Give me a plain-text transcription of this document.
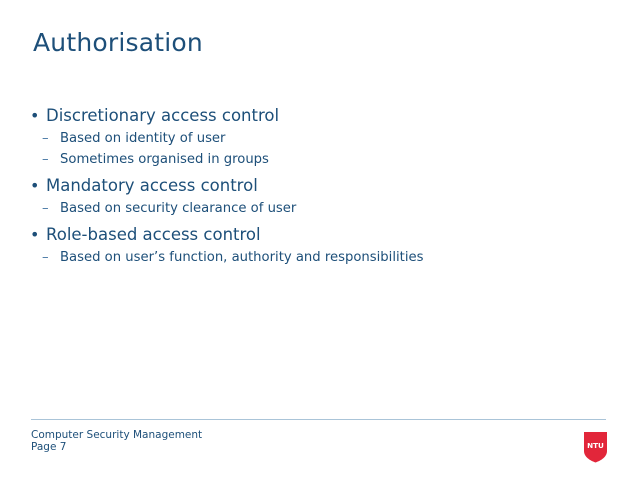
Authorisation
• Discretionary access control
– Based on identity of user
– Sometimes organised in groups
• Mandatory access control
– Based on security clearance of user
• Role-based access control
– Based on user’s function, authority and responsibilities
Computer Security Management
Page 7	NTU
